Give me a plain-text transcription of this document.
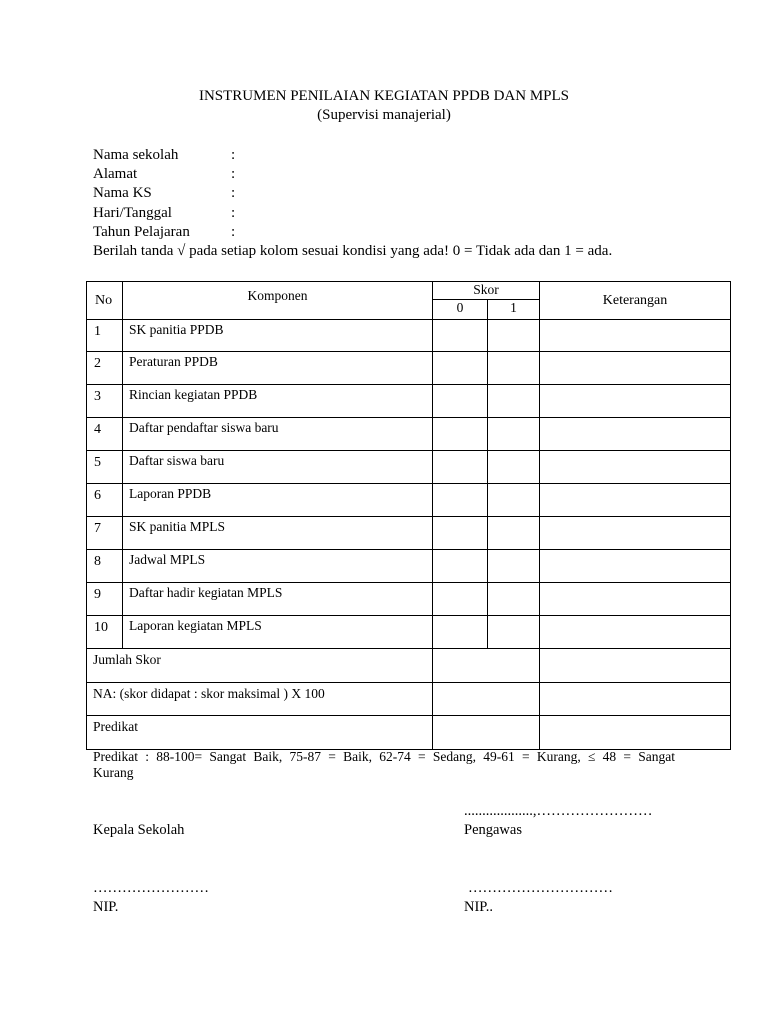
INSTRUMEN PENILAIAN KEGIATAN PPDB DAN MPLS
(Supervisi manajerial)
Nama sekolah	:
Alamat	:
Nama KS	:
Hari/Tanggal	:
Tahun Pelajaran	:
Berilah tanda √ pada setiap kolom sesuai kondisi yang ada! 0 = Tidak ada dan 1 = ada.
No	Komponen	Skor		Keterangan
		0	1	
1	SK panitia PPDB			
2	Peraturan PPDB			
3	Rincian kegiatan PPDB			
4	Daftar pendaftar siswa baru			
5	Daftar siswa baru			
6	Laporan PPDB			
7	SK panitia MPLS			
8	Jadwal MPLS			
9	Daftar hadir kegiatan MPLS			
10	Laporan kegiatan MPLS			
Jumlah Skor				
NA: (skor didapat : skor maksimal ) X 100				
Predikat				
Predikat : 88-100= Sangat Baik, 75-87 = Baik, 62-74 = Sedang, 49-61 = Kurang, ≤ 48 = Sangat
Kurang
...................,……………………
Kepala Sekolah	Pengawas
……………………	…………………………
NIP.	NIP..
